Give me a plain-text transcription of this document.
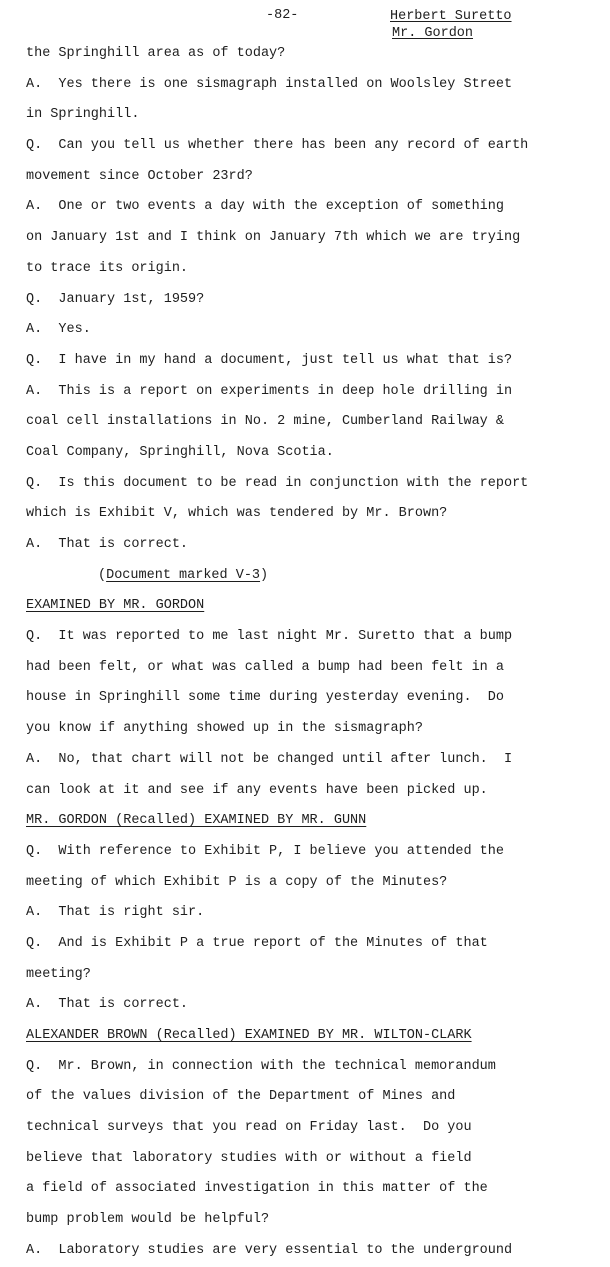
-82-	Herbert Suretto
Mr. Gordon
the Springhill area as of today?
A.  Yes there is one sismagraph installed on Woolsley Street
in Springhill.
Q.  Can you tell us whether there has been any record of earth
movement since October 23rd?
A.  One or two events a day with the exception of something
on January 1st and I think on January 7th which we are trying
to trace its origin.
Q.  January 1st, 1959?
A.  Yes.
Q.  I have in my hand a document, just tell us what that is?
A.  This is a report on experiments in deep hole drilling in
coal cell installations in No. 2 mine, Cumberland Railway &
Coal Company, Springhill, Nova Scotia.
Q.  Is this document to be read in conjunction with the report
which is Exhibit V, which was tendered by Mr. Brown?
A.  That is correct.
(Document marked V-3)
EXAMINED BY MR. GORDON
Q.  It was reported to me last night Mr. Suretto that a bump
had been felt, or what was called a bump had been felt in a
house in Springhill some time during yesterday evening.  Do
you know if anything showed up in the sismagraph?
A.  No, that chart will not be changed until after lunch.  I
can look at it and see if any events have been picked up.
MR. GORDON (Recalled) EXAMINED BY MR. GUNN
Q.  With reference to Exhibit P, I believe you attended the
meeting of which Exhibit P is a copy of the Minutes?
A.  That is right sir.
Q.  And is Exhibit P a true report of the Minutes of that
meeting?
A.  That is correct.
ALEXANDER BROWN (Recalled) EXAMINED BY MR. WILTON-CLARK
Q.  Mr. Brown, in connection with the technical memorandum
of the values division of the Department of Mines and
technical surveys that you read on Friday last.  Do you
believe that laboratory studies with or without a field
a field of associated investigation in this matter of the
bump problem would be helpful?
A.  Laboratory studies are very essential to the underground
